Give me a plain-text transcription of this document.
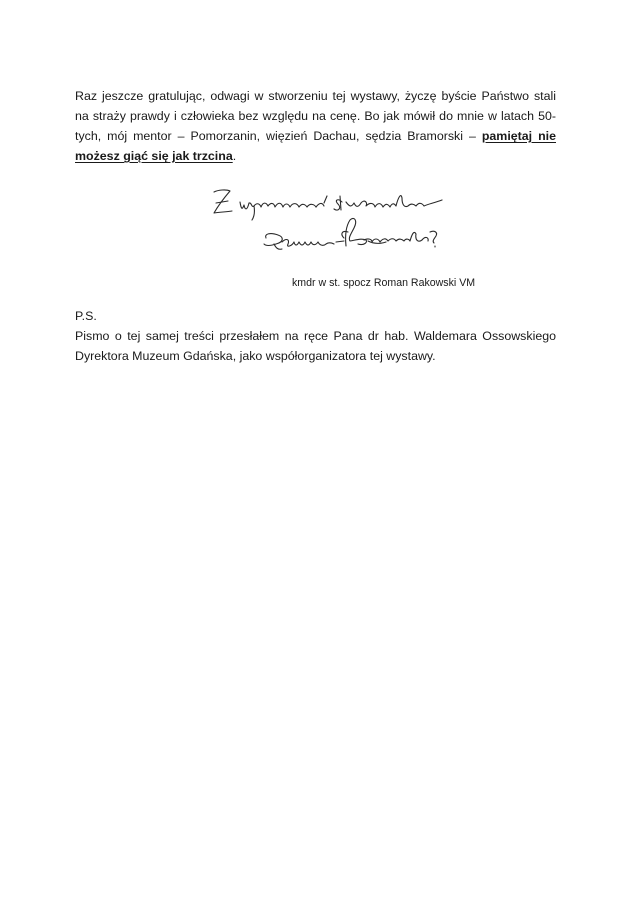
Raz jeszcze gratulując, odwagi w stworzeniu tej wystawy, życzę byście Państwo stali na straży prawdy i człowieka bez względu na cenę. Bo jak mówił do mnie w latach 50-tych, mój mentor – Pomorzanin, więzień Dachau, sędzia Bramorski – pamiętaj nie możesz giąć się jak trzcina.

kmdr w st. spocz Roman Rakowski VM
P.S.

Pismo o tej samej treści przesłałem na ręce Pana dr hab. Waldemara Ossowskiego Dyrektora Muzeum Gdańska, jako współorganizatora tej wystawy.
